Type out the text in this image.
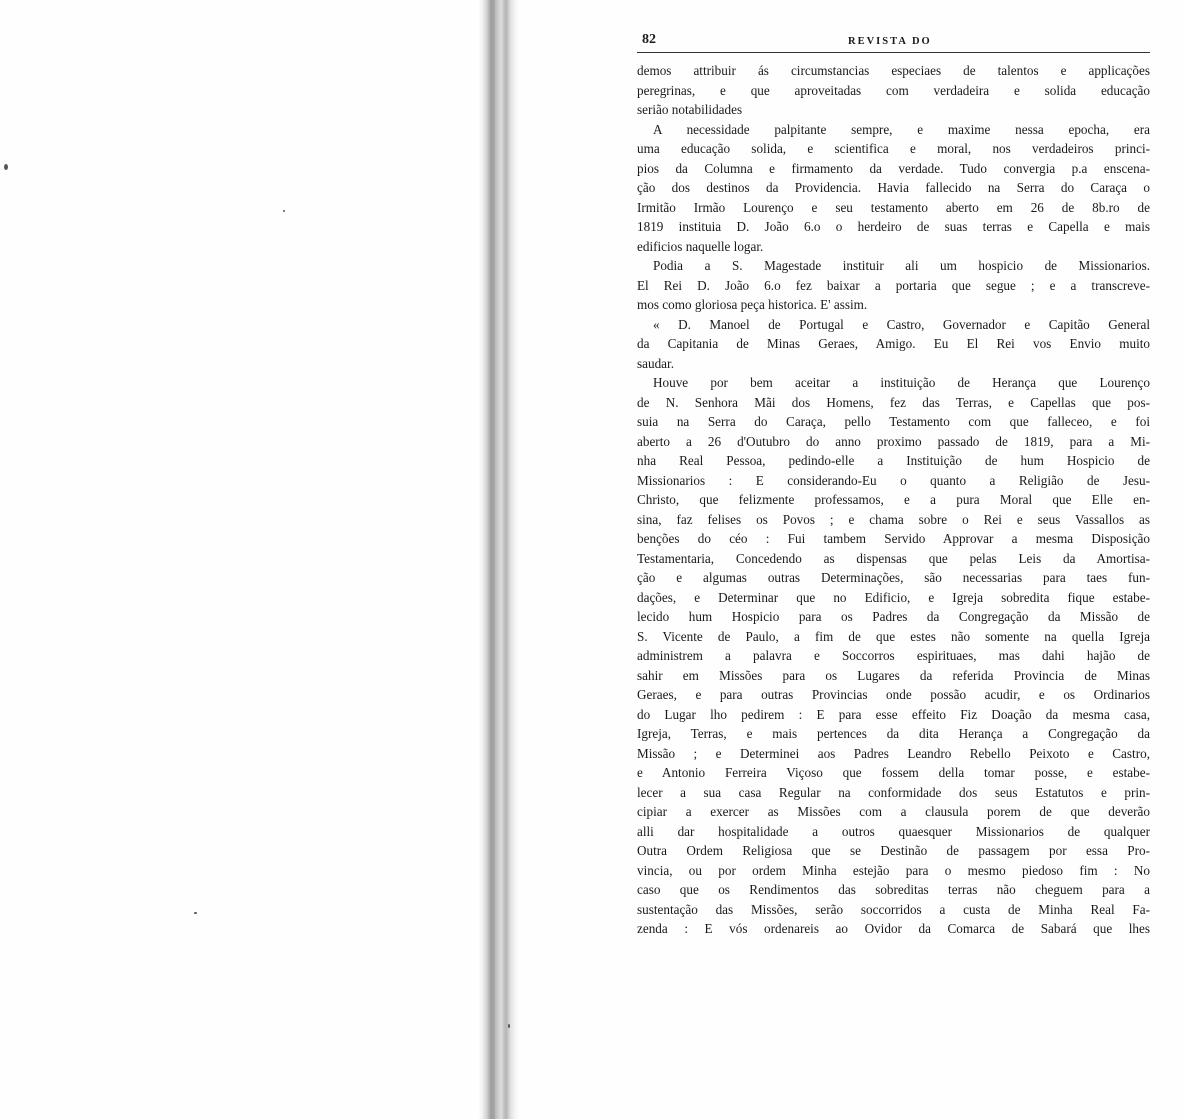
82	REVISTA DO
demos attribuir ás circumstancias especiaes de talentos e applicações
peregrinas, e que aproveitadas com verdadeira e solida educação
serião notabilidades
A necessidade palpitante sempre, e maxime nessa epocha, era
uma educação solida, e scientifica e moral, nos verdadeiros princi-
pios da Columna e firmamento da verdade. Tudo convergia p.a enscena-
ção dos destinos da Providencia. Havia fallecido na Serra do Caraça o
Irmitão Irmão Lourenço e seu testamento aberto em 26 de 8b.ro de
1819 instituia D. João 6.o o herdeiro de suas terras e Capella e mais
edificios naquelle logar.
Podia a S. Magestade instituir ali um hospicio de Missionarios.
El Rei D. João 6.o fez baixar a portaria que segue ; e a transcreve-
mos como gloriosa peça historica. E' assim.
« D. Manoel de Portugal e Castro, Governador e Capitão General
da Capitania de Minas Geraes, Amigo. Eu El Rei vos Envio muito
saudar.
Houve por bem aceitar a instituição de Herança que Lourenço
de N. Senhora Mãi dos Homens, fez das Terras, e Capellas que pos-
suia na Serra do Caraça, pello Testamento com que falleceo, e foi
aberto a 26 d'Outubro do anno proximo passado de 1819, para a Mi-
nha Real Pessoa, pedindo-elle a Instituição de hum Hospicio de
Missionarios : E considerando-Eu o quanto a Religião de Jesu-
Christo, que felizmente professamos, e a pura Moral que Elle en-
sina, faz felises os Povos ; e chama sobre o Rei e seus Vassallos as
benções do céo : Fui tambem Servido Approvar a mesma Disposição
Testamentaria, Concedendo as dispensas que pelas Leis da Amortisa-
ção e algumas outras Determinações, são necessarias para taes fun-
dações, e Determinar que no Edificio, e Igreja sobredita fique estabe-
lecido hum Hospicio para os Padres da Congregação da Missão de
S. Vicente de Paulo, a fim de que estes não somente na quella Igreja
administrem a palavra e Soccorros espirituaes, mas dahi hajão de
sahir em Missões para os Lugares da referida Provincia de Minas
Geraes, e para outras Provincias onde possão acudir, e os Ordinarios
do Lugar lho pedirem : E para esse effeito Fiz Doação da mesma casa,
Igreja, Terras, e mais pertences da dita Herança a Congregação da
Missão ; e Determinei aos Padres Leandro Rebello Peixoto e Castro,
e Antonio Ferreira Viçoso que fossem della tomar posse, e estabe-
lecer a sua casa Regular na conformidade dos seus Estatutos e prin-
cipiar a exercer as Missões com a clausula porem de que deverão
alli dar hospitalidade a outros quaesquer Missionarios de qualquer
Outra Ordem Religiosa que se Destinão de passagem por essa Pro-
vincia, ou por ordem Minha estejão para o mesmo piedoso fim : No
caso que os Rendimentos das sobreditas terras não cheguem para a
sustentação das Missões, serão soccorridos a custa de Minha Real Fa-
zenda : E vós ordenareis ao Ovidor da Comarca de Sabará que lhes
